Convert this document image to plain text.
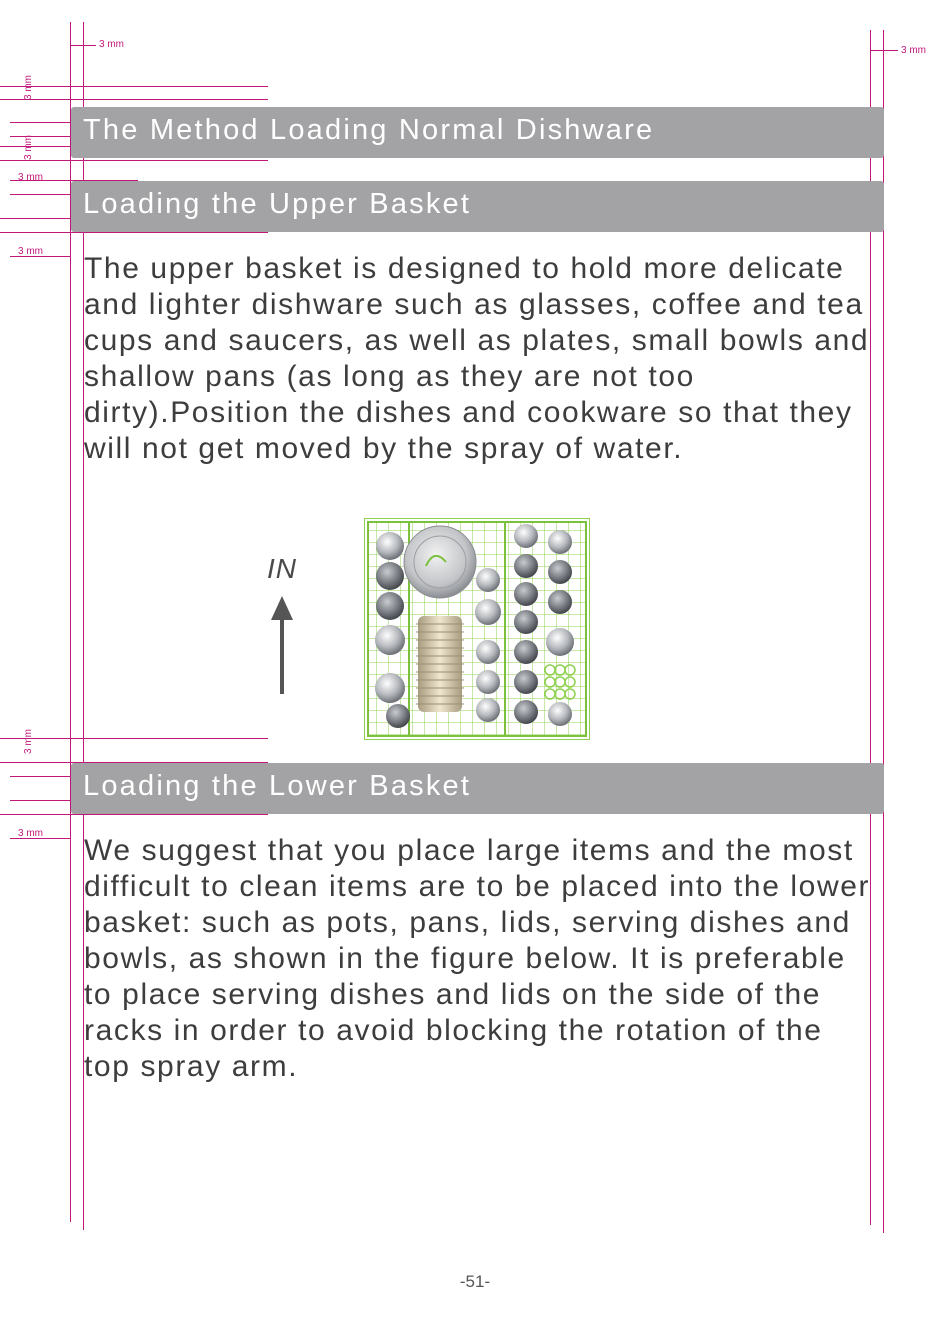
3 mm
3 mm
3 mm
3 mm
3 mm
3 mm
3 mm
3 mm
The Method Loading Normal Dishware
Loading the Upper Basket

The upper basket is designed to hold more delicate and lighter dishware such as glasses, coffee and tea cups and saucers, as well as plates, small bowls and shallow pans (as long as they are not too dirty).Position the dishes and cookware so that they will not get moved by the spray of water.

IN
Loading the Lower Basket

We suggest that you place large items and the most difficult to clean items are to be placed into the lower basket: such as pots, pans, lids, serving dishes and bowls, as shown in the figure below. It is preferable to place serving dishes and lids on the side of the racks in order to avoid blocking the rotation of the top spray arm.

-51-
